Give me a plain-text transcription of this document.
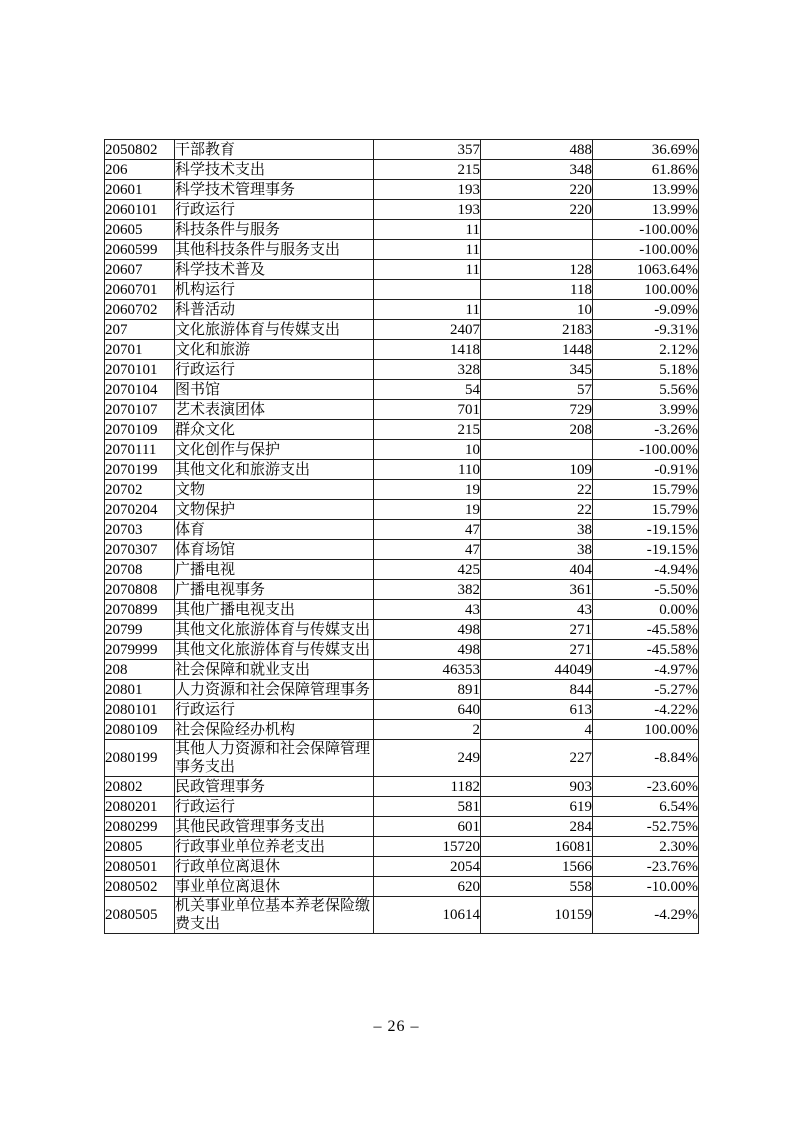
2050802	干部教育	357	488	36.69%
206	科学技术支出	215	348	61.86%
20601	科学技术管理事务	193	220	13.99%
2060101	行政运行	193	220	13.99%
20605	科技条件与服务	11		-100.00%
2060599	其他科技条件与服务支出	11		-100.00%
20607	科学技术普及	11	128	1063.64%
2060701	机构运行		118	100.00%
2060702	科普活动	11	10	-9.09%
207	文化旅游体育与传媒支出	2407	2183	-9.31%
20701	文化和旅游	1418	1448	2.12%
2070101	行政运行	328	345	5.18%
2070104	图书馆	54	57	5.56%
2070107	艺术表演团体	701	729	3.99%
2070109	群众文化	215	208	-3.26%
2070111	文化创作与保护	10		-100.00%
2070199	其他文化和旅游支出	110	109	-0.91%
20702	文物	19	22	15.79%
2070204	文物保护	19	22	15.79%
20703	体育	47	38	-19.15%
2070307	体育场馆	47	38	-19.15%
20708	广播电视	425	404	-4.94%
2070808	广播电视事务	382	361	-5.50%
2070899	其他广播电视支出	43	43	0.00%
20799	其他文化旅游体育与传媒支出	498	271	-45.58%
2079999	其他文化旅游体育与传媒支出	498	271	-45.58%
208	社会保障和就业支出	46353	44049	-4.97%
20801	人力资源和社会保障管理事务	891	844	-5.27%
2080101	行政运行	640	613	-4.22%
2080109	社会保险经办机构	2	4	100.00%
2080199	其他人力资源和社会保障管理事务支出	249	227	-8.84%
20802	民政管理事务	1182	903	-23.60%
2080201	行政运行	581	619	6.54%
2080299	其他民政管理事务支出	601	284	-52.75%
20805	行政事业单位养老支出	15720	16081	2.30%
2080501	行政单位离退休	2054	1566	-23.76%
2080502	事业单位离退休	620	558	-10.00%
2080505	机关事业单位基本养老保险缴费支出	10614	10159	-4.29%
– 26 –
